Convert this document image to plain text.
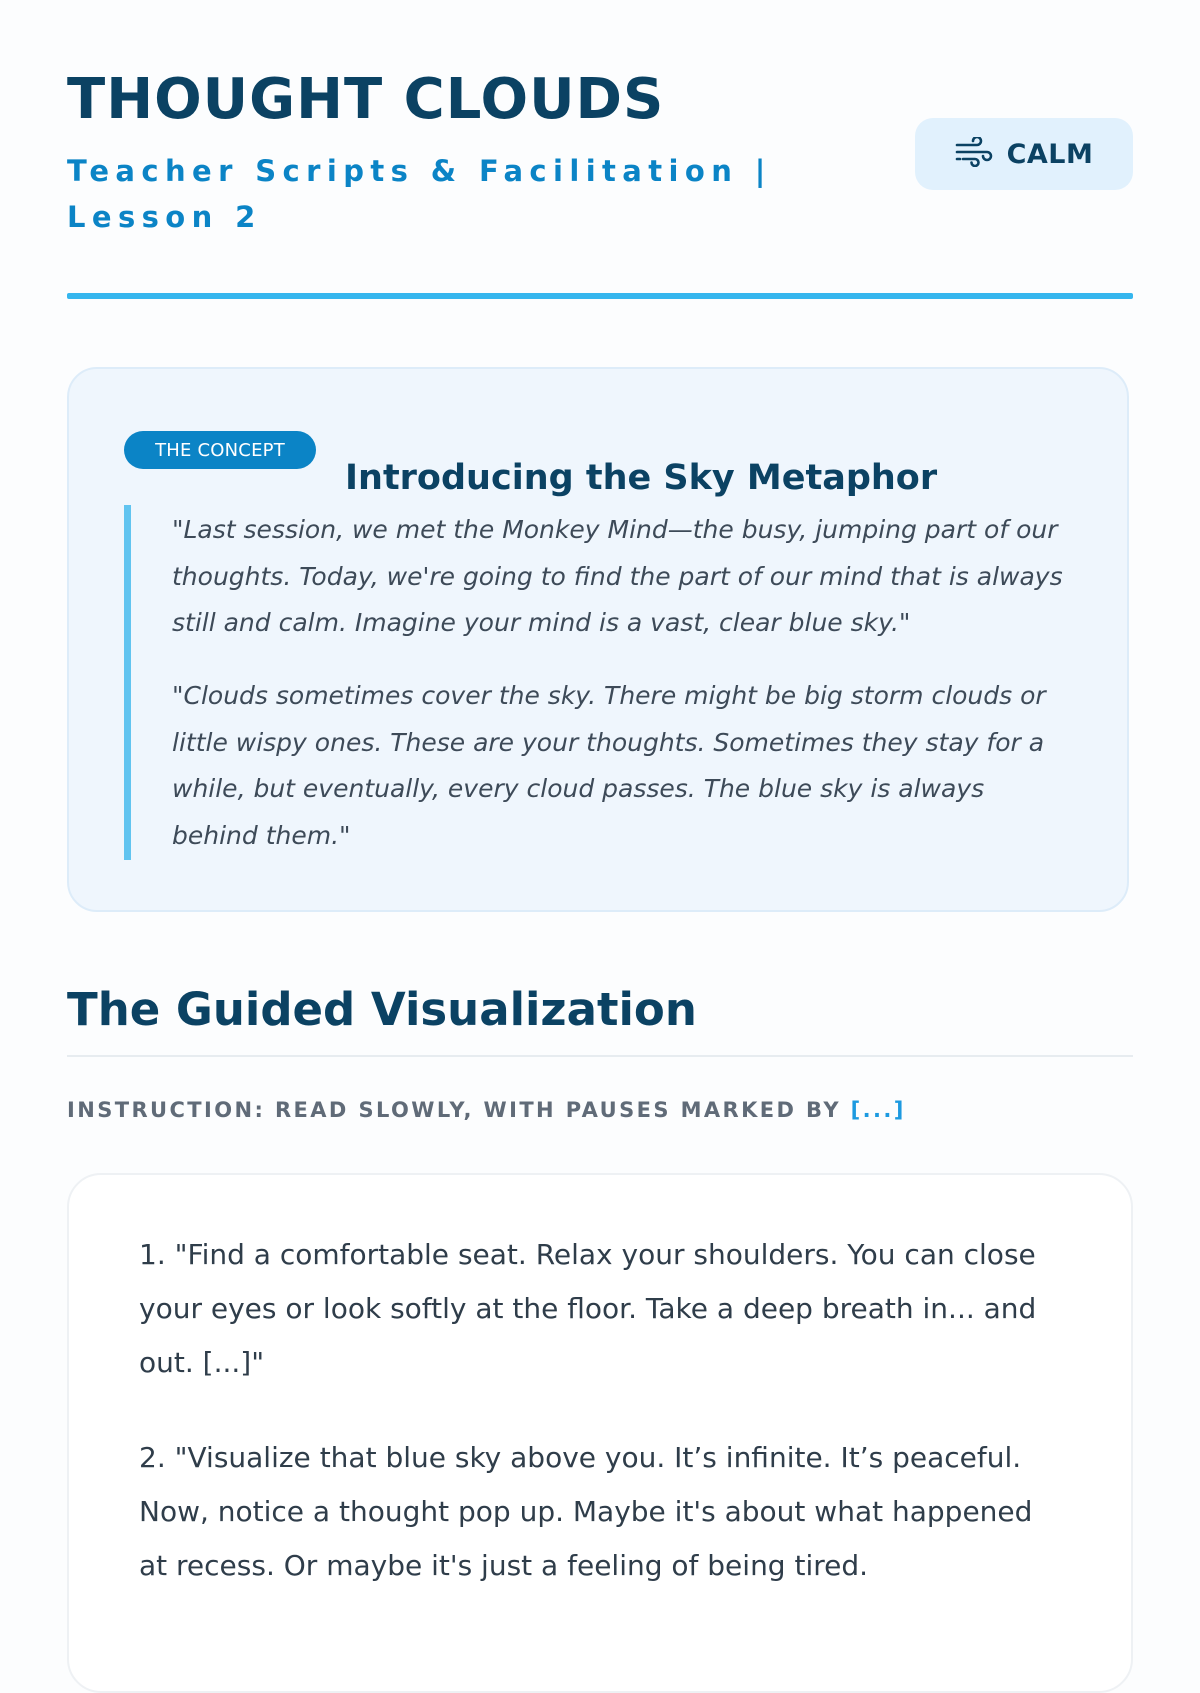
THOUGHT CLOUDS
Teacher Scripts & Facilitation | Lesson 2
CALM
THE CONCEPT
Introducing the Sky Metaphor

"Last session, we met the Monkey Mind—the busy, jumping part of our thoughts. Today, we're going to find the part of our mind that is always still and calm. Imagine your mind is a vast, clear blue sky."

"Clouds sometimes cover the sky. There might be big storm clouds or little wispy ones. These are your thoughts. Sometimes they stay for a while, but eventually, every cloud passes. The blue sky is always behind them."

The Guided Visualization
INSTRUCTION: READ SLOWLY, WITH PAUSES MARKED BY [...]

1. "Find a comfortable seat. Relax your shoulders. You can close your eyes or look softly at the floor. Take a deep breath in... and out. [...]"

2. "Visualize that blue sky above you. It’s infinite. It’s peaceful. Now, notice a thought pop up. Maybe it's about what happened at recess. Or maybe it's just a feeling of being tired.
